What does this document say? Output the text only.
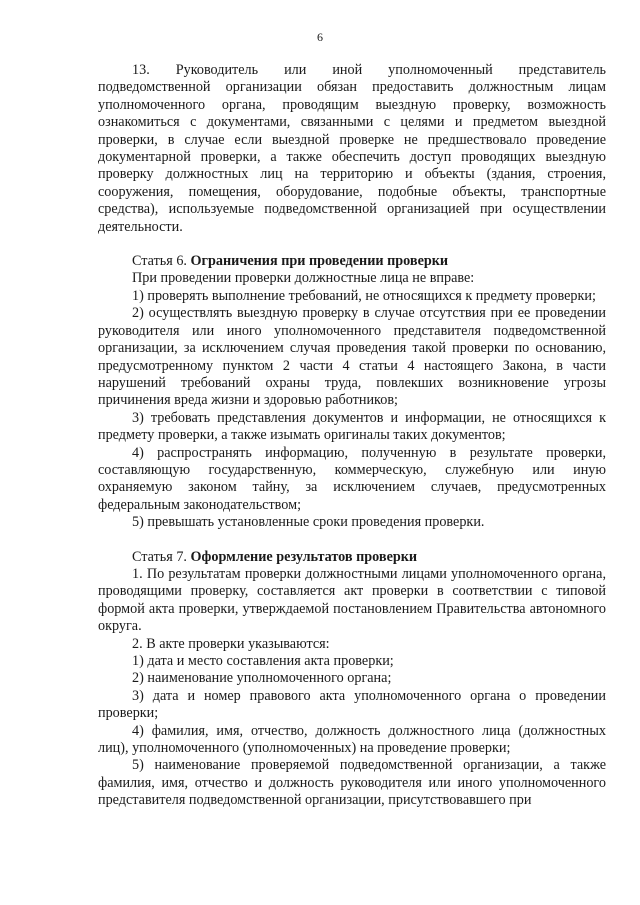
6

13. Руководитель или иной уполномоченный представитель подведомственной организации обязан предоставить должностным лицам уполномоченного органа, проводящим выездную проверку, возможность ознакомиться с документами, связанными с целями и предметом выездной проверки, в случае если выездной проверке не предшествовало проведение документарной проверки, а также обеспечить доступ проводящих выездную проверку должностных лиц на территорию и объекты (здания, строения, сооружения, помещения, оборудование, подобные объекты, транспортные средства), используемые подведомственной организацией при осуществлении деятельности.

Статья 6. Ограничения при проведении проверки

При проведении проверки должностные лица не вправе:

1) проверять выполнение требований, не относящихся к предмету проверки;

2) осуществлять выездную проверку в случае отсутствия при ее проведении руководителя или иного уполномоченного представителя подведомственной организации, за исключением случая проведения такой проверки по основанию, предусмотренному пунктом 2 части 4 статьи 4 настоящего Закона, в части нарушений требований охраны труда, повлекших возникновение угрозы причинения вреда жизни и здоровью работников;

3) требовать представления документов и информации, не относящихся к предмету проверки, а также изымать оригиналы таких документов;

4) распространять информацию, полученную в результате проверки, составляющую государственную, коммерческую, служебную или иную охраняемую законом тайну, за исключением случаев, предусмотренных федеральным законодательством;

5) превышать установленные сроки проведения проверки.

Статья 7. Оформление результатов проверки

1. По результатам проверки должностными лицами уполномоченного органа, проводящими проверку, составляется акт проверки в соответствии с типовой формой акта проверки, утверждаемой постановлением Правительства автономного округа.

2. В акте проверки указываются:

1) дата и место составления акта проверки;

2) наименование уполномоченного органа;

3) дата и номер правового акта уполномоченного органа о проведении проверки;

4) фамилия, имя, отчество, должность должностного лица (должностных лиц), уполномоченного (уполномоченных) на проведение проверки;

5) наименование проверяемой подведомственной организации, а также фамилия, имя, отчество и должность руководителя или иного уполномоченного представителя подведомственной организации, присутствовавшего при
